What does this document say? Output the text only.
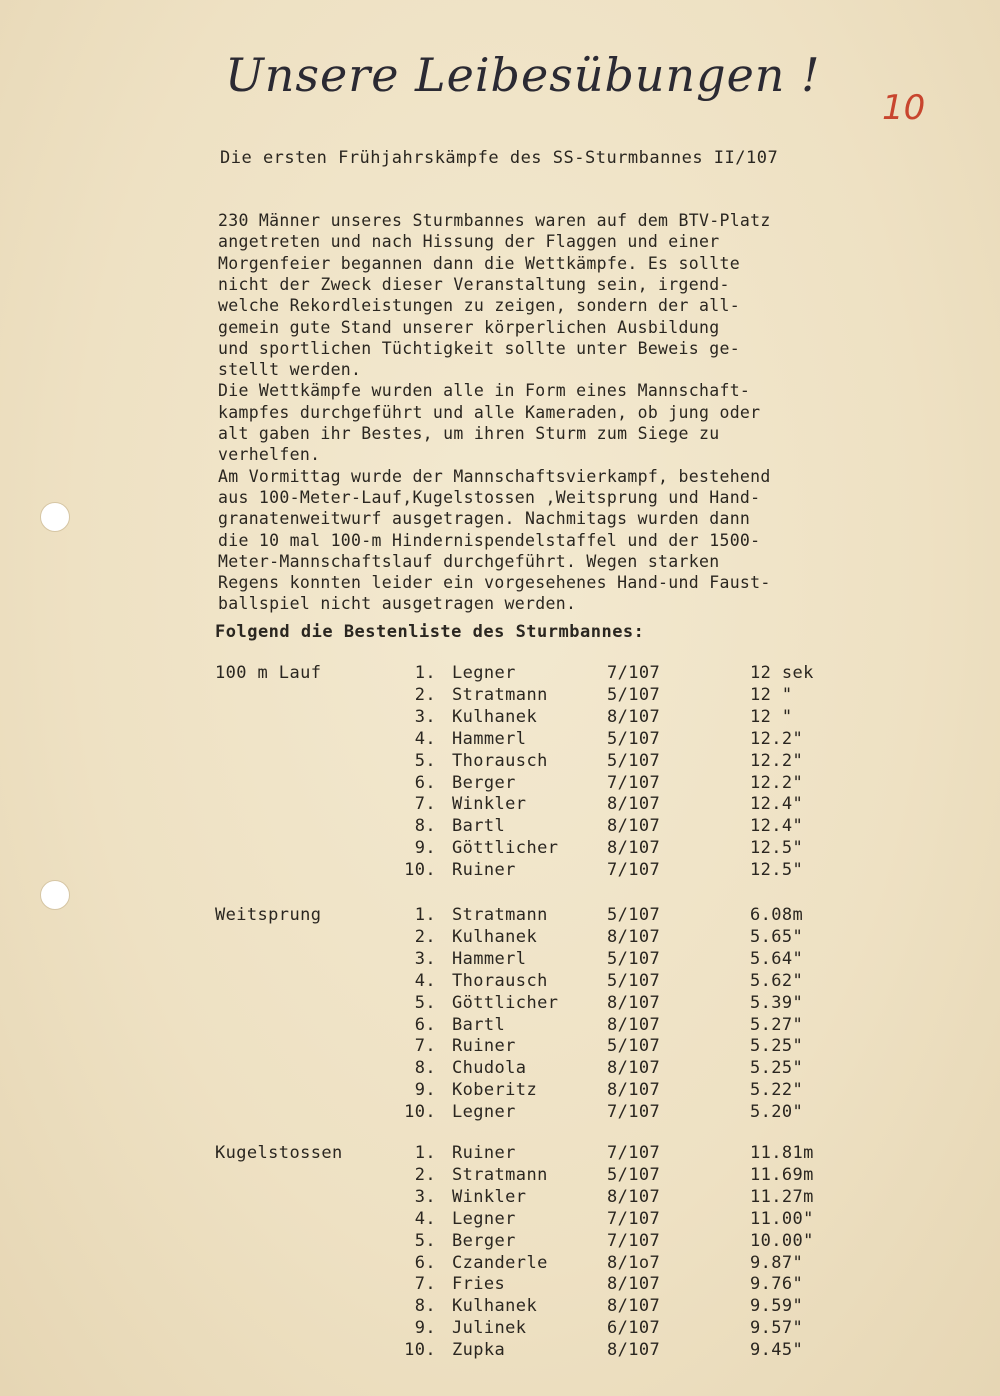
Unsere Leibesübungen !
10
Die ersten Frühjahrskämpfe des SS-Sturmbannes II/107
230 Männer unseres Sturmbannes waren auf dem BTV-Platz
angetreten und nach Hissung der Flaggen und einer
Morgenfeier begannen dann die Wettkämpfe. Es sollte
nicht der Zweck dieser Veranstaltung sein, irgend-
welche Rekordleistungen zu zeigen, sondern der all-
gemein gute Stand unserer körperlichen Ausbildung
und sportlichen Tüchtigkeit sollte unter Beweis ge-
stellt werden.
Die Wettkämpfe wurden alle in Form eines Mannschaft-
kampfes durchgeführt und alle Kameraden, ob jung oder
alt gaben ihr Bestes, um ihren Sturm zum Siege zu
verhelfen.
Am Vormittag wurde der Mannschaftsvierkampf, bestehend
aus 100-Meter-Lauf,Kugelstossen ,Weitsprung und Hand-
granatenweitwurf ausgetragen. Nachmitags wurden dann
die 10 mal 100-m Hindernispendelstaffel und der 1500-
Meter-Mannschaftslauf durchgeführt. Wegen starken
Regens konnten leider ein vorgesehenes Hand-und Faust-
ballspiel nicht ausgetragen werden.
Folgend die Bestenliste des Sturmbannes:
100 m Lauf	1. Legner	7/107	12 sek
2. Stratmann	5/107	12 "
3. Kulhanek	8/107	12 "
4. Hammerl	5/107	12.2"
5. Thorausch	5/107	12.2"
6. Berger	7/107	12.2"
7. Winkler	8/107	12.4"
8. Bartl	8/107	12.4"
9. Göttlicher	8/107	12.5"
10. Ruiner	7/107	12.5"
Weitsprung	1. Stratmann	5/107	6.08m
2. Kulhanek	8/107	5.65"
3. Hammerl	5/107	5.64"
4. Thorausch	5/107	5.62"
5. Göttlicher	8/107	5.39"
6. Bartl	8/107	5.27"
7. Ruiner	5/107	5.25"
8. Chudola	8/107	5.25"
9. Koberitz	8/107	5.22"
10. Legner	7/107	5.20"
Kugelstossen	1. Ruiner	7/107	11.81m
2. Stratmann	5/107	11.69m
3. Winkler	8/107	11.27m
4. Legner	7/107	11.00"
5. Berger	7/107	10.00"
6. Czanderle	8/1o7	9.87"
7. Fries	8/107	9.76"
8. Kulhanek	8/107	9.59"
9. Julinek	6/107	9.57"
10. Zupka	8/107	9.45"
